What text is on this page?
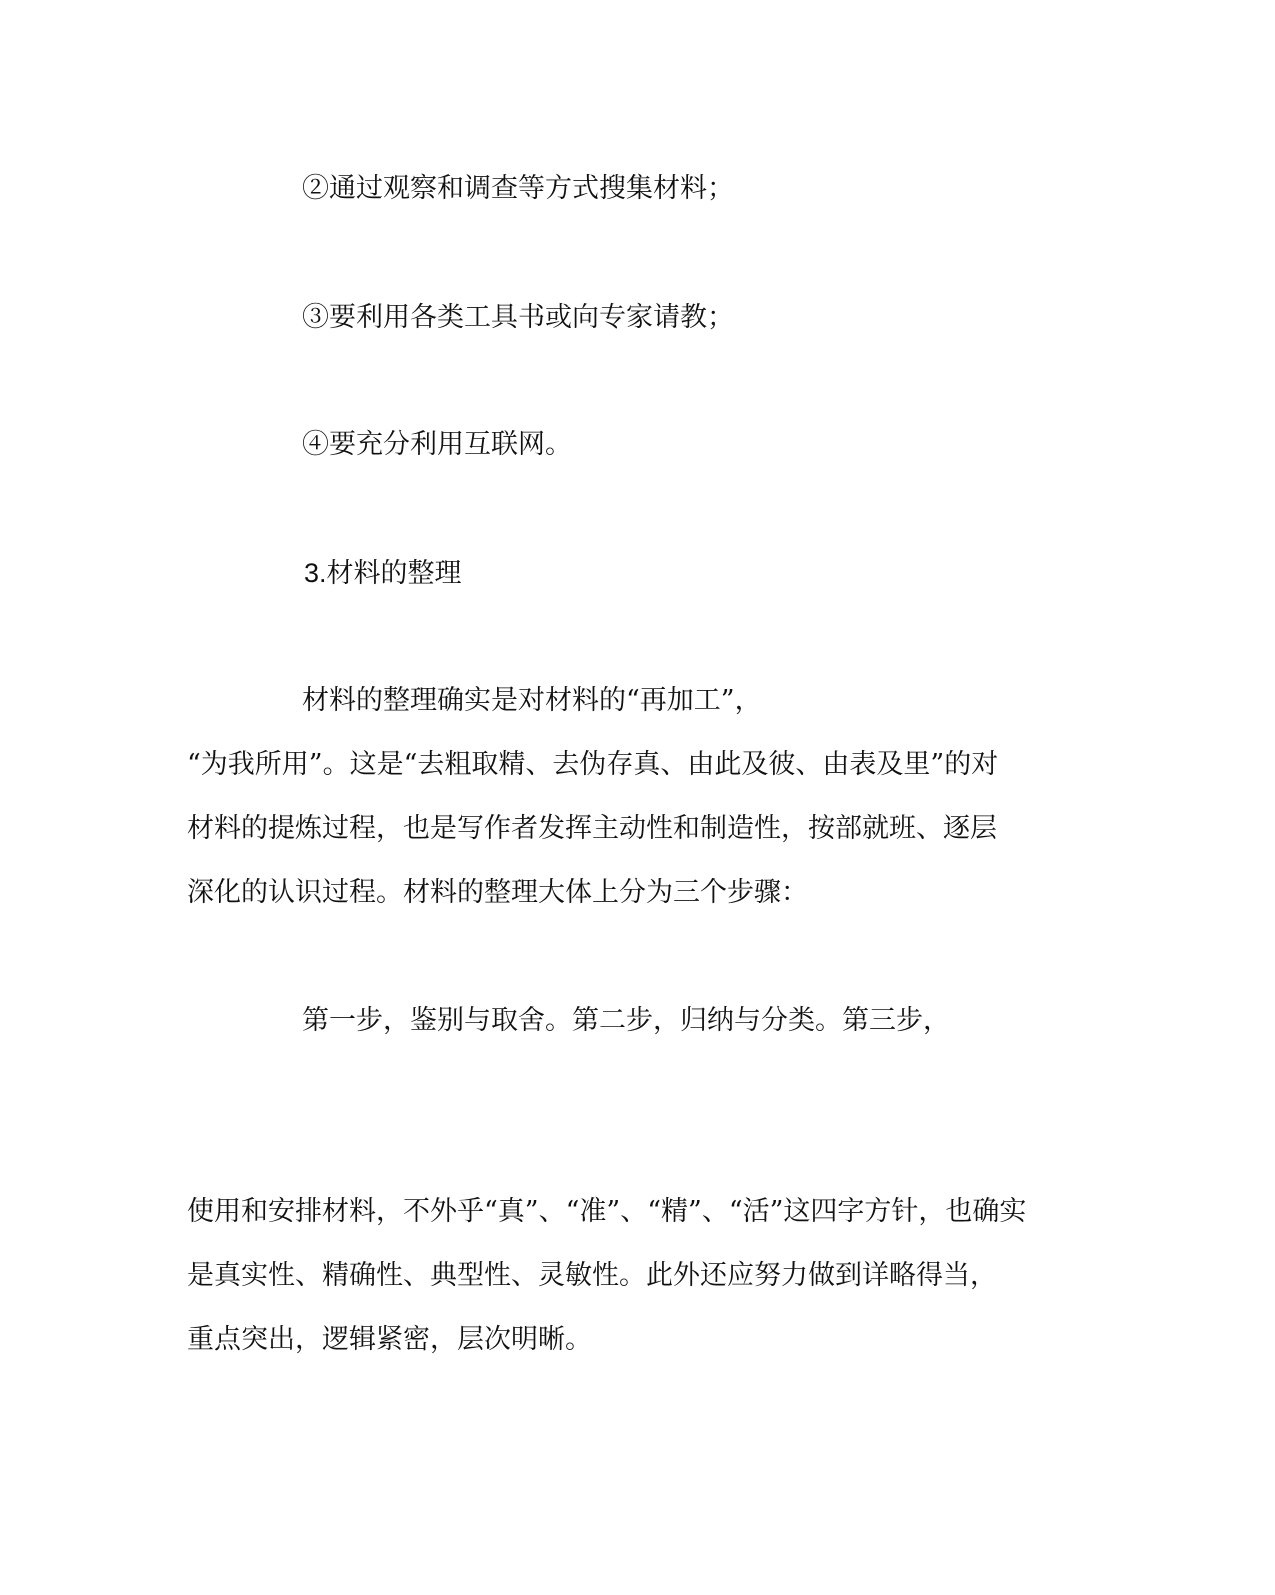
②通过观察和调查等方式搜集材料；
③要利用各类工具书或向专家请教；
④要充分利用互联网。
3.材料的整理
材料的整理确实是对材料的“再加工”，
“为我所用”。这是“去粗取精、去伪存真、由此及彼、由表及里”的对
材料的提炼过程，也是写作者发挥主动性和制造性，按部就班、逐层
深化的认识过程。材料的整理大体上分为三个步骤：
第一步，鉴别与取舍。第二步，归纳与分类。第三步，
使用和安排材料，不外乎“真”、“准”、“精”、“活”这四字方针，也确实
是真实性、精确性、典型性、灵敏性。此外还应努力做到详略得当，
重点突出，逻辑紧密，层次明晰。
